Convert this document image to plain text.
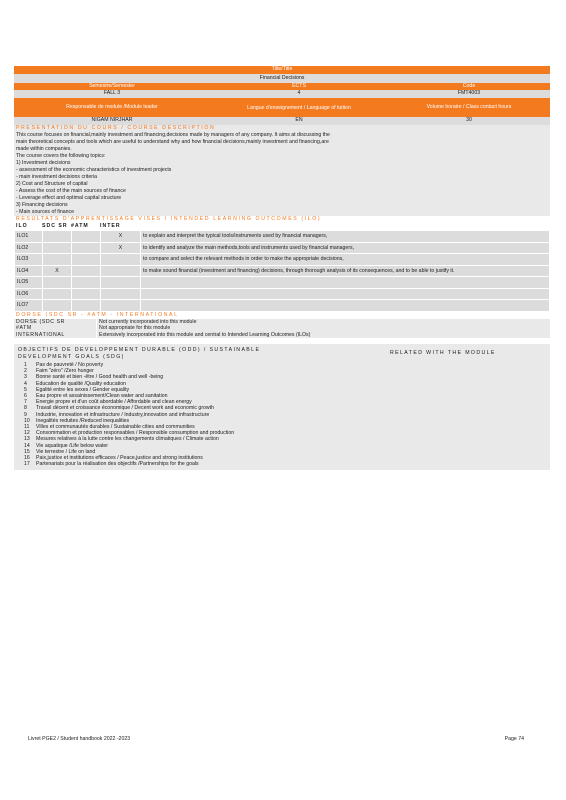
Title/Title
Financial Decisions
Semestre/Semester	ECTS	Code
FALL 3	4	FMT4003
Responsable de module /Module leader	Langue d'enseignement / Language of tuition	Volume horaire / Class contact hours
NIGAM NIRJHAR	EN	30
PRESENTATION DU COURS / COURSE DESCRIPTION
This course focuses on financial,mainly investment and financing,decisions made by managers of any company. It aims at discussing the
main theoretical concepts and tools which are useful to understand why and how financial decisions,mainly investment and financing,are
made within companies.
The course covers the following topics:
1) Investment decisions
- assessment of the economic characteristics of investment projects
- main investment decisions criteria
2) Cost and Structure of capital
- Assess the cost of the main sources of finance
- Leverage effect and optimal capital structure
3) Financing decisions
- Main sources of finance
RESULTATS D'APPRENTISSAGE VISES / INTENDED LEARNING OUTCOMES (ILO)
ILO	SDC SR #ATM	INTER
ILO1			X	to explain and interpret the typical tools/instruments used by financial managers,
ILO2			X	to identify and analyze the main methods,tools and instruments used by financial managers,
ILO3				to compare and select the relevant methods in order to make the appropriate decisions,
ILO4	X			to make sound financial (investment and financing) decisions, through thorough analysis of its consequences, and to be able to justify it.
ILO5				
ILO6				
ILO7				
DORSE (SDC SR - #ATM - INTERNATIONAL
DORSE (SDC SR	Not currently incorporated into this module
#ATM	Not appropriate for this module
INTERNATIONAL	Extensively incorporated into this module and central to Intended Learning Outcomes (ILOs)
OBJECTIFS DE DEVELOPPEMENT DURABLE (ODD) / SUSTAINABLE
DEVELOPMENT GOALS (SDG)
RELATED WITH THE MODULE
1	Pas de pauvreté / No poverty
2	Faim "zéro" /Zero hunger
3	Bonne santé et bien -être / Good health and well -being
4	Education de qualité /Quality education
5	Egalité entre les sexes / Gender equality
6	Eau propre et assainissement/Clean water and sanitation
7	Energie propre et d'un coût abordable / Affordable and clean energy
8	Travail décent et croissance économique / Decent work and economic growth
9	Industrie, innovation et infrastructure / Industry,innovation and infrastructure
10	Inegalités reduites /Reduced inequalities
11	Villes et communautés durables / Sustainable cities and communities
12	Consommation et production responsables / Responsible consumption and production
13	Mesures relatives à la lutte contre les changements climatiques / Climate action
14	Vie aquatique /Life below water
15	Vie terrestre / Life on land
16	Paix,justice et institutions efficaces / Peace,justice and strong institutions
17	Partenariats pour la réalisation des objectifs /Partnerships for the goals
Livret PGE2 / Student handbook 2022 -2023	Page 74
